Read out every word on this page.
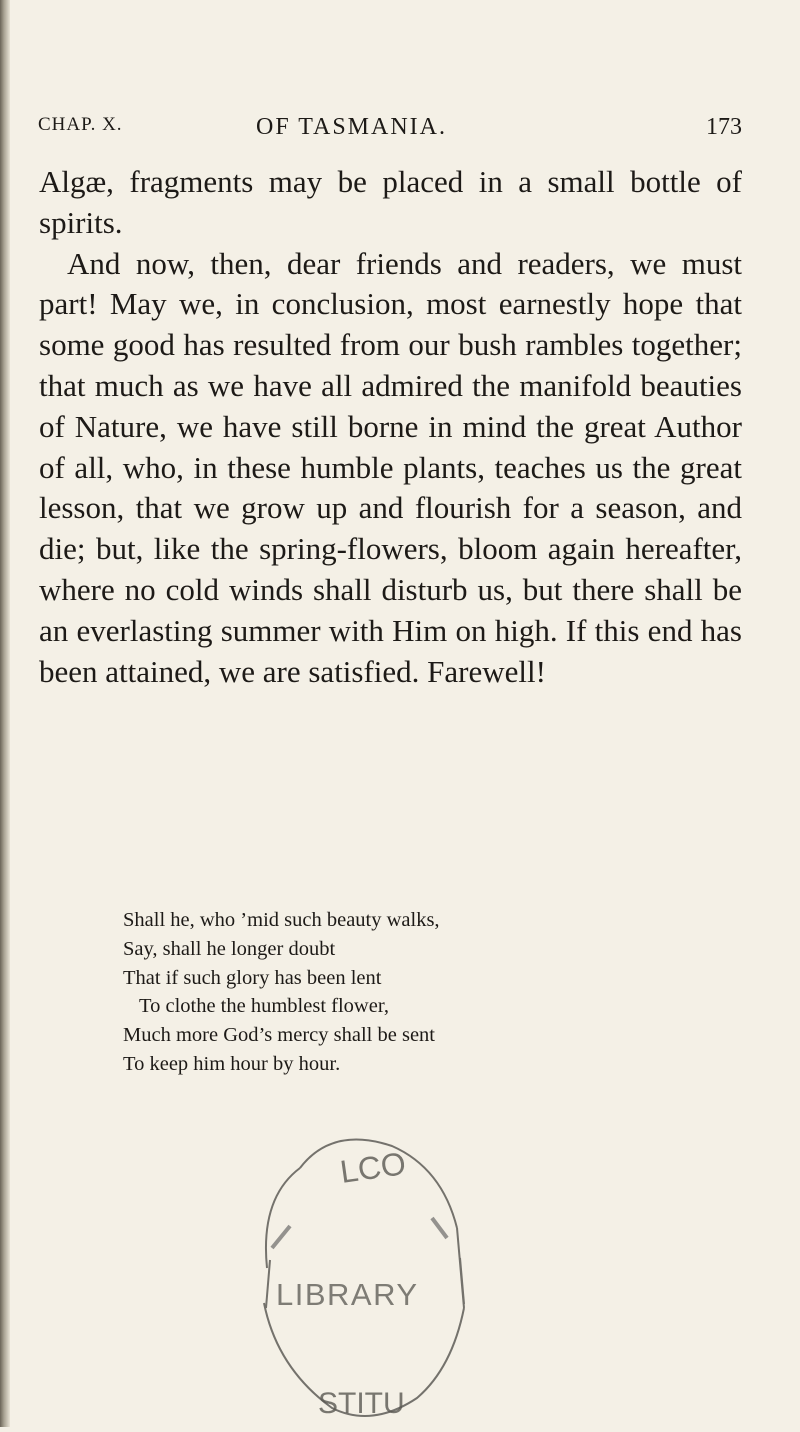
CHAP. X.	OF TASMANIA.	173

Algæ, fragments may be placed in a small bottle of spirits.

And now, then, dear friends and readers, we must part! May we, in conclusion, most earnestly hope that some good has resulted from our bush rambles together; that much as we have all admired the manifold beauties of Nature, we have still borne in mind the great Author of all, who, in these humble plants, teaches us the great lesson, that we grow up and flourish for a season, and die; but, like the spring-flowers, bloom again hereafter, where no cold winds shall disturb us, but there shall be an everlasting summer with Him on high. If this end has been attained, we are satisfied. Farewell!

Shall he, who ’mid such beauty walks,
Say, shall he longer doubt
That if such glory has been lent
To clothe the humblest flower,
Much more God’s mercy shall be sent
To keep him hour by hour.
LCO
LIBRARY
STITU
